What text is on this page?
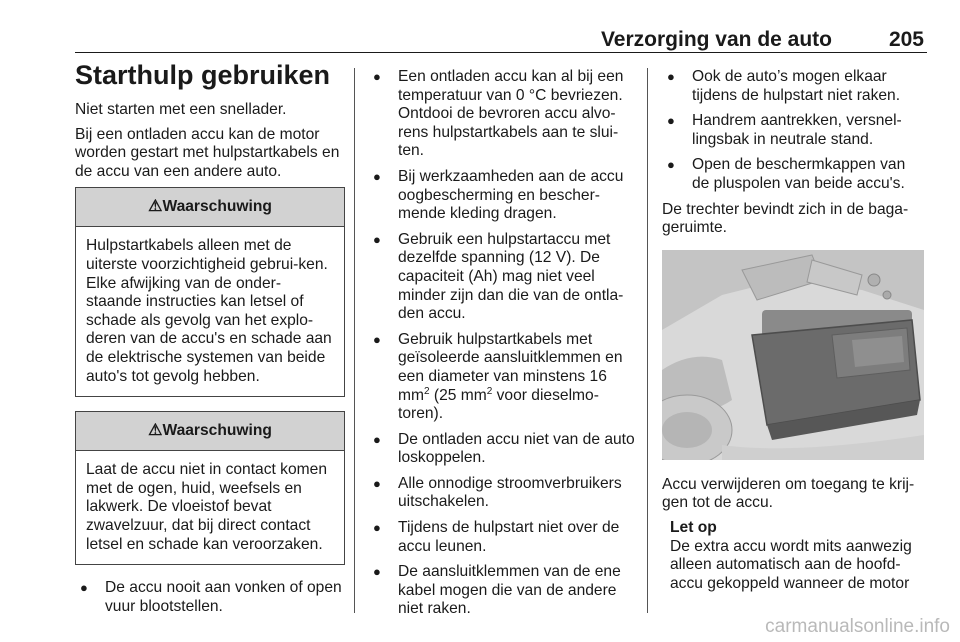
Verzorging van de auto	205
Starthulp gebruiken

Niet starten met een snellader.

Bij een ontladen accu kan de motor worden gestart met hulpstartkabels en de accu van een andere auto.

⚠Waarschuwing
Hulpstartkabels alleen met de uiterste voorzichtigheid gebrui-ken. Elke afwijking van de onder-staande instructies kan letsel of schade als gevolg van het explo-deren van de accu's en schade aan de elektrische systemen van beide auto's tot gevolg hebben.
⚠Waarschuwing
Laat de accu niet in contact komen met de ogen, huid, weefsels en lakwerk. De vloeistof bevat zwavelzuur, dat bij direct contact letsel en schade kan veroorzaken.
● De accu nooit aan vonken of open vuur blootstellen.
● Een ontladen accu kan al bij een temperatuur van 0 °C bevriezen. Ontdooi de bevroren accu alvo-rens hulpstartkabels aan te slui-ten.
● Bij werkzaamheden aan de accu oogbescherming en bescher-mende kleding dragen.
● Gebruik een hulpstartaccu met dezelfde spanning (12 V). De capaciteit (Ah) mag niet veel minder zijn dan die van de ontla-den accu.
● Gebruik hulpstartkabels met geïsoleerde aansluitklemmen en een diameter van minstens 16 $mm^2$ (25 $mm^2$ voor dieselmo-toren).
● De ontladen accu niet van de auto loskoppelen.
● Alle onnodige stroomverbruikers uitschakelen.
● Tijdens de hulpstart niet over de accu leunen.
● De aansluitklemmen van de ene kabel mogen die van de andere niet raken.
● Ook de auto’s mogen elkaar tijdens de hulpstart niet raken.
● Handrem aantrekken, versnel-lingsbak in neutrale stand.
● Open de beschermkappen van de pluspolen van beide accu's.

De trechter bevindt zich in de baga-geruimte.

Accu verwijderen om toegang te krij-gen tot de accu.

Let op
De extra accu wordt mits aanwezig alleen automatisch aan de hoofd-accu gekoppeld wanneer de motor
carmanualsonline.info
